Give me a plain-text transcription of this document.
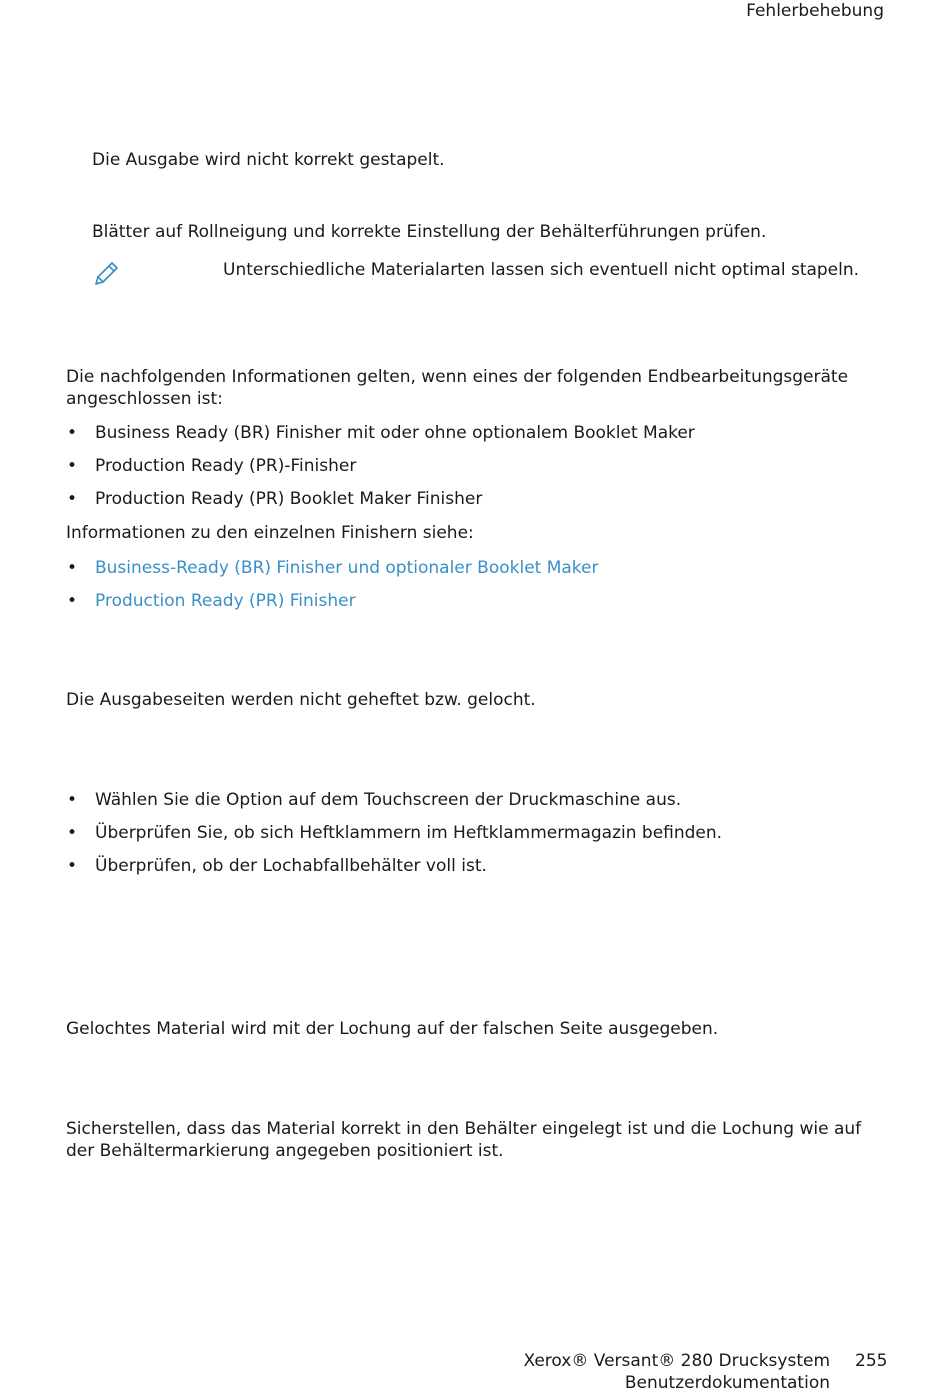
Fehlerbehebung
Die Ausgabe wird nicht korrekt gestapelt.
Blätter auf Rollneigung und korrekte Einstellung der Behälterführungen prüfen.
Unterschiedliche Materialarten lassen sich eventuell nicht optimal stapeln.
Die nachfolgenden Informationen gelten, wenn eines der folgenden Endbearbeitungsgeräte angeschlossen ist:
• Business Ready (BR) Finisher mit oder ohne optionalem Booklet Maker
• Production Ready (PR)-Finisher
• Production Ready (PR) Booklet Maker Finisher
Informationen zu den einzelnen Finishern siehe:
• Business-Ready (BR) Finisher und optionaler Booklet Maker
• Production Ready (PR) Finisher
Die Ausgabeseiten werden nicht geheftet bzw. gelocht.
• Wählen Sie die Option auf dem Touchscreen der Druckmaschine aus.
• Überprüfen Sie, ob sich Heftklammern im Heftklammermagazin befinden.
• Überprüfen, ob der Lochabfallbehälter voll ist.
Gelochtes Material wird mit der Lochung auf der falschen Seite ausgegeben.
Sicherstellen, dass das Material korrekt in den Behälter eingelegt ist und die Lochung wie auf der Behältermarkierung angegeben positioniert ist.
Xerox® Versant® 280 Drucksystem
Benutzerdokumentation
255
